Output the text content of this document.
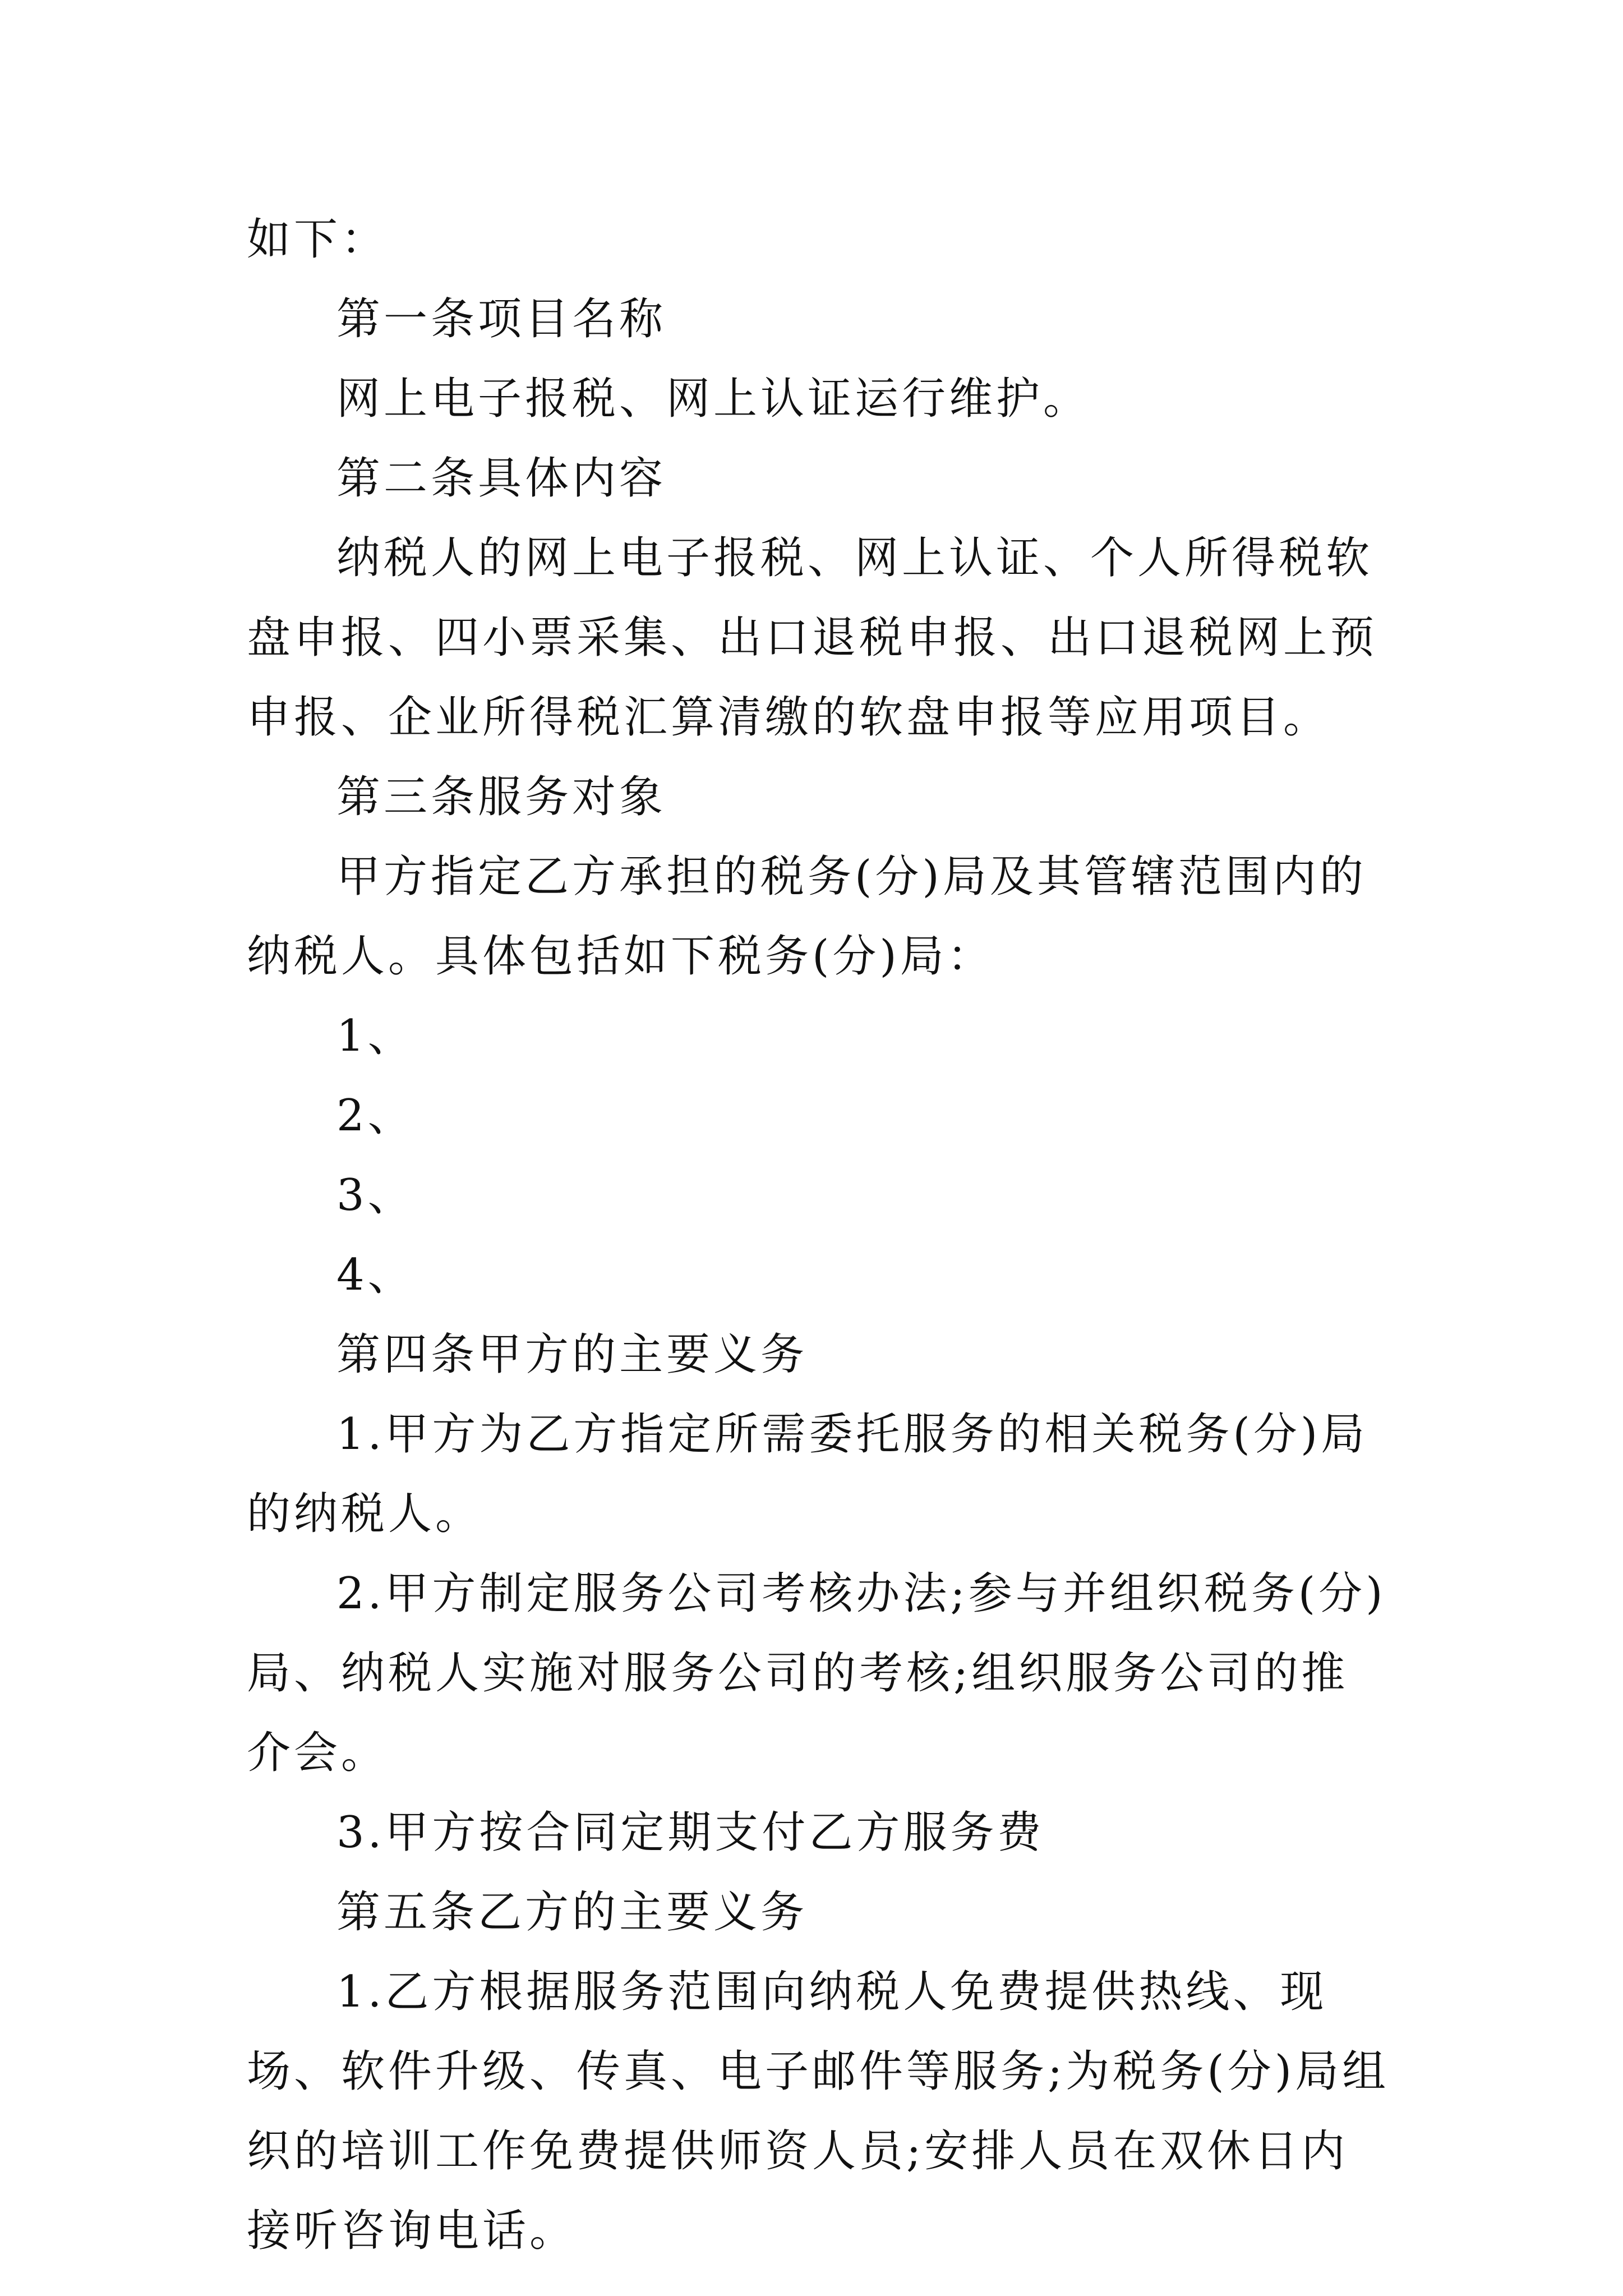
如下：

第一条项目名称

网上电子报税、网上认证运行维护。

第二条具体内容

纳税人的网上电子报税、网上认证、个人所得税软盘申报、四小票采集、出口退税申报、出口退税网上预申报、企业所得税汇算清缴的软盘申报等应用项目。

第三条服务对象

甲方指定乙方承担的税务(分)局及其管辖范围内的纳税人。具体包括如下税务(分)局：

1、

2、

3、

4、

第四条甲方的主要义务

1.甲方为乙方指定所需委托服务的相关税务(分)局的纳税人。

2.甲方制定服务公司考核办法;参与并组织税务(分)局、纳税人实施对服务公司的考核;组织服务公司的推介会。

3.甲方按合同定期支付乙方服务费

第五条乙方的主要义务

1.乙方根据服务范围向纳税人免费提供热线、现场、软件升级、传真、电子邮件等服务;为税务(分)局组织的培训工作免费提供师资人员;安排人员在双休日内接听咨询电话。
